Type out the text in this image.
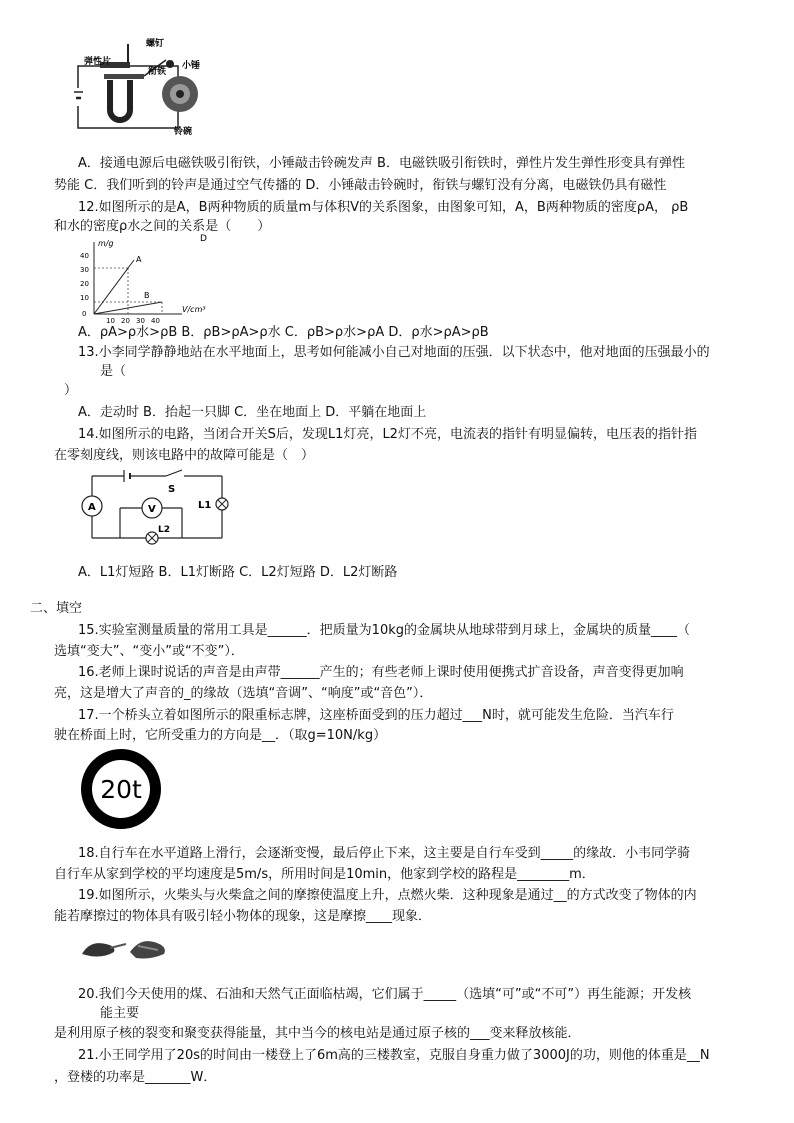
螺钉
弹性片
衔铁
小锤
铃碗
A．接通电源后电磁铁吸引衔铁，小锤敲击铃碗发声 B．电磁铁吸引衔铁时，弹性片发生弹性形变具有弹性
势能 C．我们听到的铃声是通过空气传播的 D．小锤敲击铃碗时，衔铁与螺钉没有分离，电磁铁仍具有磁性
12.如图所示的是A，B两种物质的质量m与体积V的关系图象，由图象可知，A，B两种物质的密度ρA， ρB
和水的密度ρ水之间的关系是（　　）
D
m/g
V/cm³
40
30
20
10
0
10 20 30 40
A
B
A．ρA>ρ水>ρB B．ρB>ρA>ρ水 C．ρB>ρ水>ρA D．ρ水>ρA>ρB
13.小李同学静静地站在水平地面上，思考如何能减小自己对地面的压强．以下状态中，他对地面的压强最小的
是（
）
A．走动时 B．抬起一只脚 C．坐在地面上 D．平躺在地面上
14.如图所示的电路，当闭合开关S后，发现L1灯亮，L2灯不亮，电流表的指针有明显偏转，电压表的指针指
在零刻度线，则该电路中的故障可能是（　）
A	V
S
L1
L2
A．L1灯短路 B．L1灯断路 C．L2灯短路 D．L2灯断路
二、填空
15.实验室测量质量的常用工具是______．把质量为10kg的金属块从地球带到月球上，金属块的质量____（
选填“变大”、“变小”或“不变”）．
16.老师上课时说话的声音是由声带______产生的；有些老师上课时使用便携式扩音设备，声音变得更加响
亮，这是增大了声音的_的缘故（选填“音调”、“响度”或“音色”）．
17.一个桥头立着如图所示的限重标志牌，这座桥面受到的压力超过___N时，就可能发生危险．当汽车行
驶在桥面上时，它所受重力的方向是__．（取g=10N/kg）
20t
18.自行车在水平道路上滑行，会逐渐变慢，最后停止下来，这主要是自行车受到_____的缘故．小韦同学骑
自行车从家到学校的平均速度是5m/s，所用时间是10min，他家到学校的路程是________m．
19.如图所示，火柴头与火柴盒之间的摩擦使温度上升，点燃火柴．这种现象是通过__的方式改变了物体的内
能若摩擦过的物体具有吸引轻小物体的现象，这是摩擦____现象．
20.我们今天使用的煤、石油和天然气正面临枯竭，它们属于_____（选填“可”或“不可”）再生能源；开发核
能主要
是利用原子核的裂变和聚变获得能量，其中当今的核电站是通过原子核的___变来释放核能．
21.小王同学用了20s的时间由一楼登上了6m高的三楼教室，克服自身重力做了3000J的功，则他的体重是__N
，登楼的功率是_______W．
